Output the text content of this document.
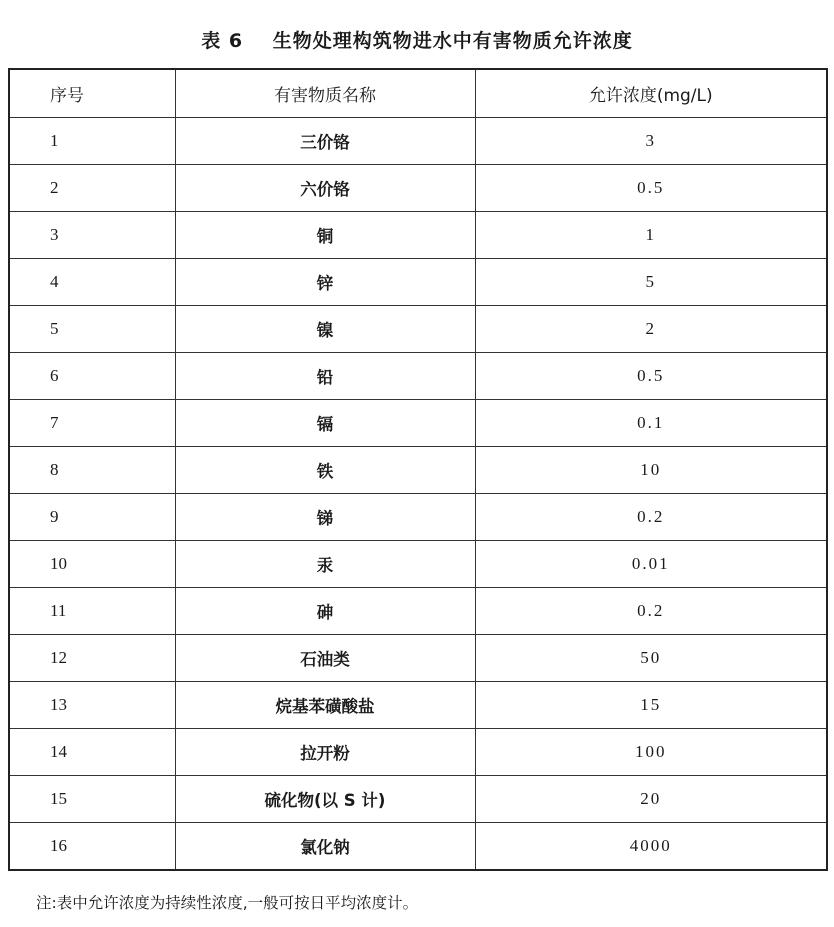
表 6 生物处理构筑物进水中有害物质允许浓度
序号	有害物质名称	允许浓度(mg/L)
1	三价铬	3
2	六价铬	0.5
3	铜	1
4	锌	5
5	镍	2
6	铅	0.5
7	镉	0.1
8	铁	10
9	锑	0.2
10	汞	0.01
11	砷	0.2
12	石油类	50
13	烷基苯磺酸盐	15
14	拉开粉	100
15	硫化物(以 S 计)	20
16	氯化钠	4000
注:表中允许浓度为持续性浓度,一般可按日平均浓度计。
